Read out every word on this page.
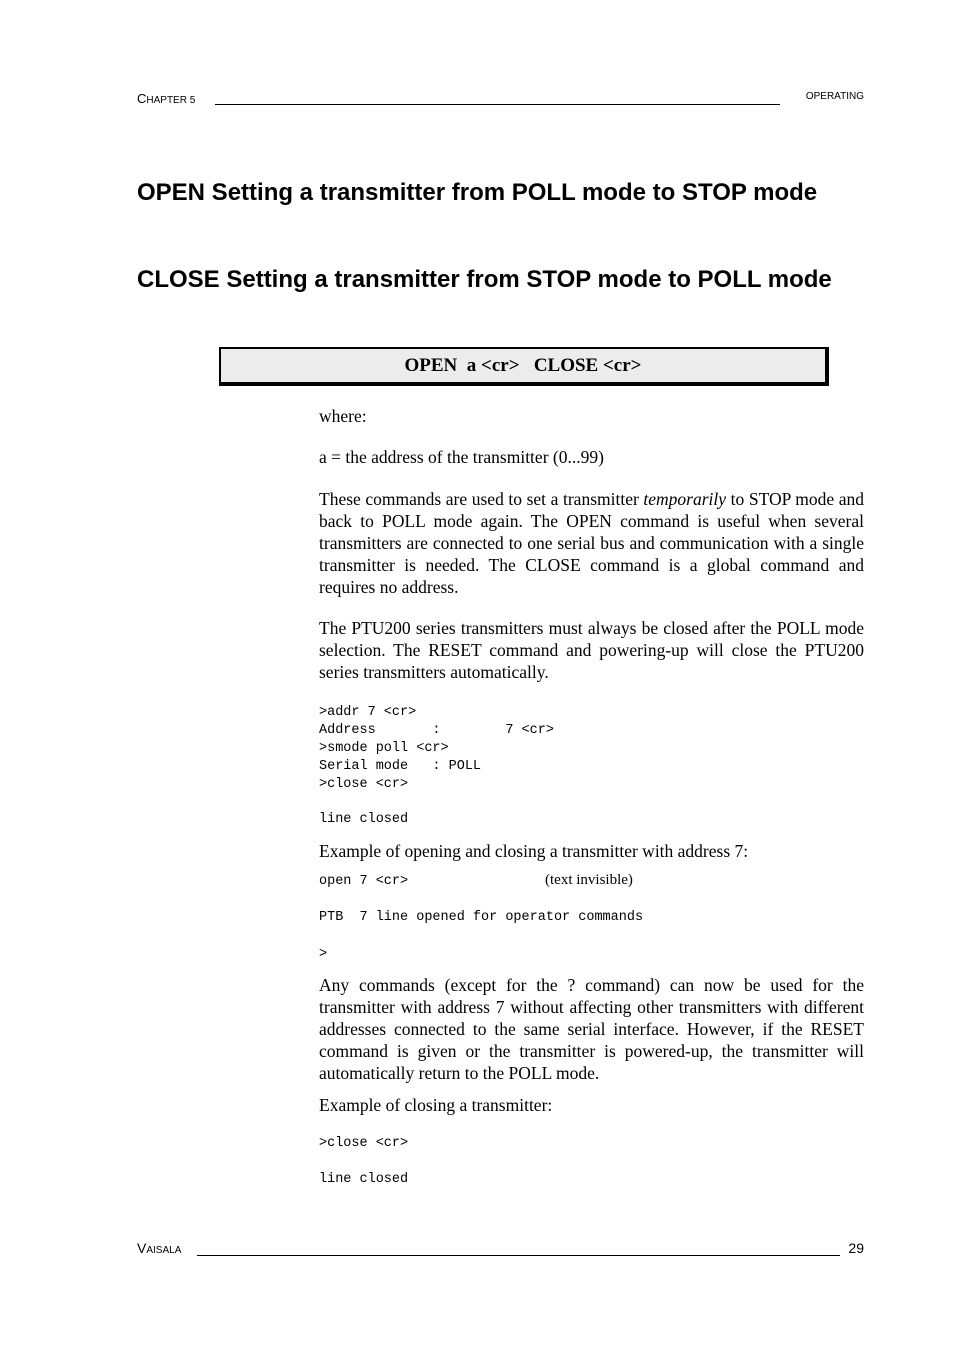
CHAPTER 5	OPERATING
OPEN Setting a transmitter from POLL mode to STOP mode
CLOSE Setting a transmitter from STOP mode to POLL mode
OPEN  a <cr> CLOSE <cr>

where:

a = the address of the transmitter (0...99)

These commands are used to set a transmitter temporarily to STOP mode and back to POLL mode again. The OPEN command is useful when several transmitters are connected to one serial bus and communication with a single transmitter is needed. The CLOSE command is a global command and requires no address.

The PTU200 series transmitters must always be closed after the POLL mode selection. The RESET command and powering-up will close the PTU200 series transmitters automatically.

>addr 7 <cr>
Address       :        7 <cr>
>smode poll <cr>
Serial mode   : POLL
>close <cr>
line closed

Example of opening and closing a transmitter with address 7:

open 7 <cr>	(text invisible)
PTB  7 line opened for operator commands
>

Any commands (except for the ? command) can now be used for the transmitter with address 7 without affecting other transmitters with different addresses connected to the same serial interface. However, if the RESET command is given or the transmitter is powered-up, the transmitter will automatically return to the POLL mode.

Example of closing a transmitter:

>close <cr>
line closed
VAISALA	29
